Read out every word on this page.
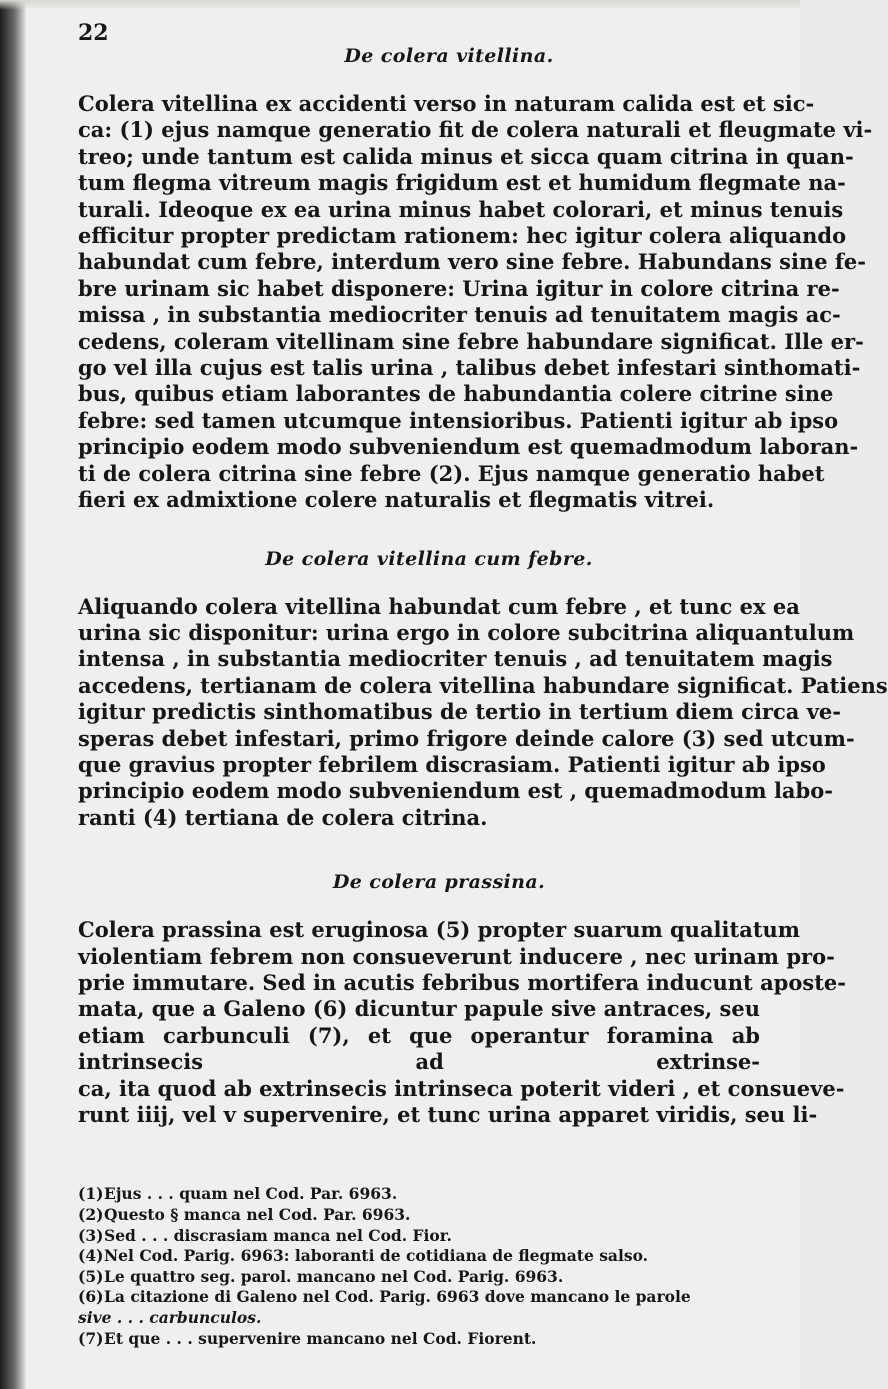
22
De colera vitellina.
Colera vitellina ex accidenti verso in naturam calida est et sic-
ca: (1) ejus namque generatio fit de colera naturali et fleugmate vi-
treo; unde tantum est calida minus et sicca quam citrina in quan-
tum flegma vitreum magis frigidum est et humidum flegmate na-
turali. Ideoque ex ea urina minus habet colorari, et minus tenuis
efficitur propter predictam rationem: hec igitur colera aliquando
habundat cum febre, interdum vero sine febre. Habundans sine fe-
bre urinam sic habet disponere: Urina igitur in colore citrina re-
missa , in substantia mediocriter tenuis ad tenuitatem magis ac-
cedens, coleram vitellinam sine febre habundare significat. Ille er-
go vel illa cujus est talis urina , talibus debet infestari sinthomati-
bus, quibus etiam laborantes de habundantia colere citrine sine
febre: sed tamen utcumque intensioribus. Patienti igitur ab ipso
principio eodem modo subveniendum est quemadmodum laboran-
ti de colera citrina sine febre (2). Ejus namque generatio habet
fieri ex admixtione colere naturalis et flegmatis vitrei.
De colera vitellina cum febre.
Aliquando colera vitellina habundat cum febre , et tunc ex ea
urina sic disponitur: urina ergo in colore subcitrina aliquantulum
intensa , in substantia mediocriter tenuis , ad tenuitatem magis
accedens, tertianam de colera vitellina habundare significat. Patiens
igitur predictis sinthomatibus de tertio in tertium diem circa ve-
speras debet infestari, primo frigore deinde calore (3) sed utcum-
que gravius propter febrilem discrasiam. Patienti igitur ab ipso
principio eodem modo subveniendum est , quemadmodum labo-
ranti (4) tertiana de colera citrina.
De colera prassina.
Colera prassina est eruginosa (5) propter suarum qualitatum
violentiam febrem non consueverunt inducere , nec urinam pro-
prie immutare. Sed in acutis febribus mortifera inducunt aposte-
mata, que a Galeno (6) dicuntur papule sive antraces, seu etiam carbunculi (7), et que operantur foramina ab intrinsecis ad extrinse-
ca, ita quod ab extrinsecis intrinseca poterit videri , et consueve-
runt iiij, vel v supervenire, et tunc urina apparet viridis, seu li-
(1)Ejus . . . quam nel Cod. Par. 6963.
(2)Questo § manca nel Cod. Par. 6963.
(3)Sed . . . discrasiam manca nel Cod. Fior.
(4)Nel Cod. Parig. 6963: laboranti de cotidiana de flegmate salso.
(5)Le quattro seg. parol. mancano nel Cod. Parig. 6963.
(6)La citazione di Galeno nel Cod. Parig. 6963 dove mancano le parole
sive . . . carbunculos.
(7)Et que . . . supervenire mancano nel Cod. Fiorent.
